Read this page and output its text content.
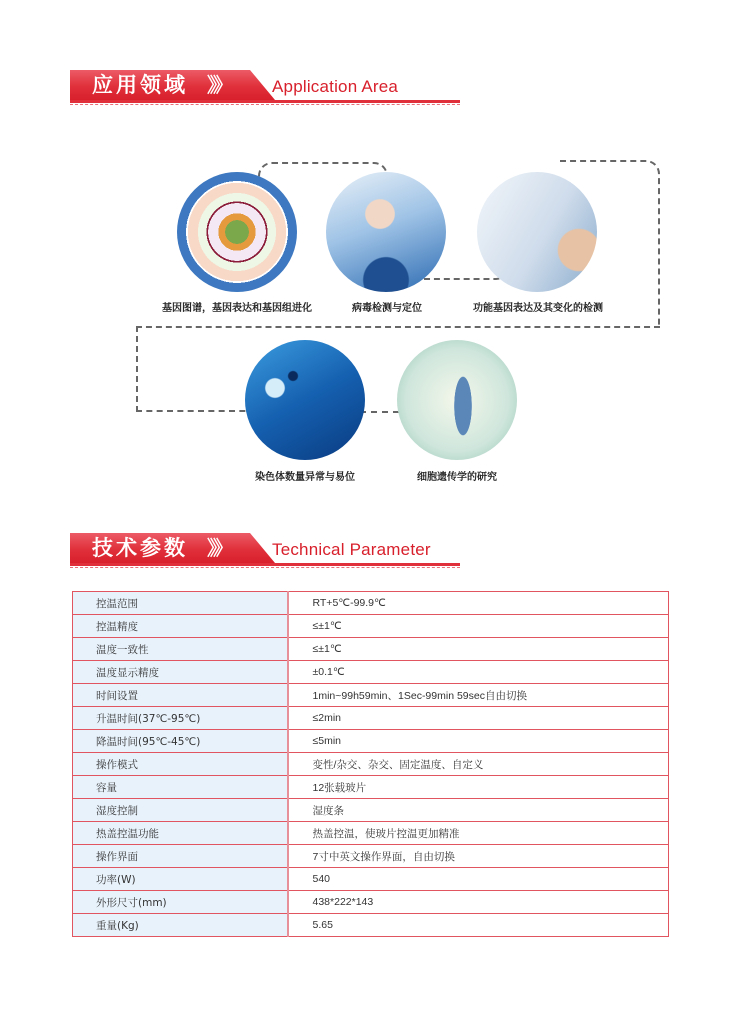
应用领域 》》	Application Area
基因图谱，基因表达和基因组进化	病毒检测与定位	功能基因表达及其变化的检测
染色体数量异常与易位	细胞遗传学的研究
技术参数 》》	Technical Parameter
控温范围	RT+5℃-99.9℃
控温精度	≤±1℃
温度一致性	≤±1℃
温度显示精度	±0.1℃
时间设置	1min~99h59min、1Sec-99min 59sec自由切换
升温时间(37℃-95℃)	≤2min
降温时间(95℃-45℃)	≤5min
操作模式	变性/杂交、杂交、固定温度、自定义
容量	12张载玻片
湿度控制	湿度条
热盖控温功能	热盖控温，使玻片控温更加精准
操作界面	7寸中英文操作界面，自由切换
功率(W)	540
外形尺寸(mm)	438*222*143
重量(Kg)	5.65
